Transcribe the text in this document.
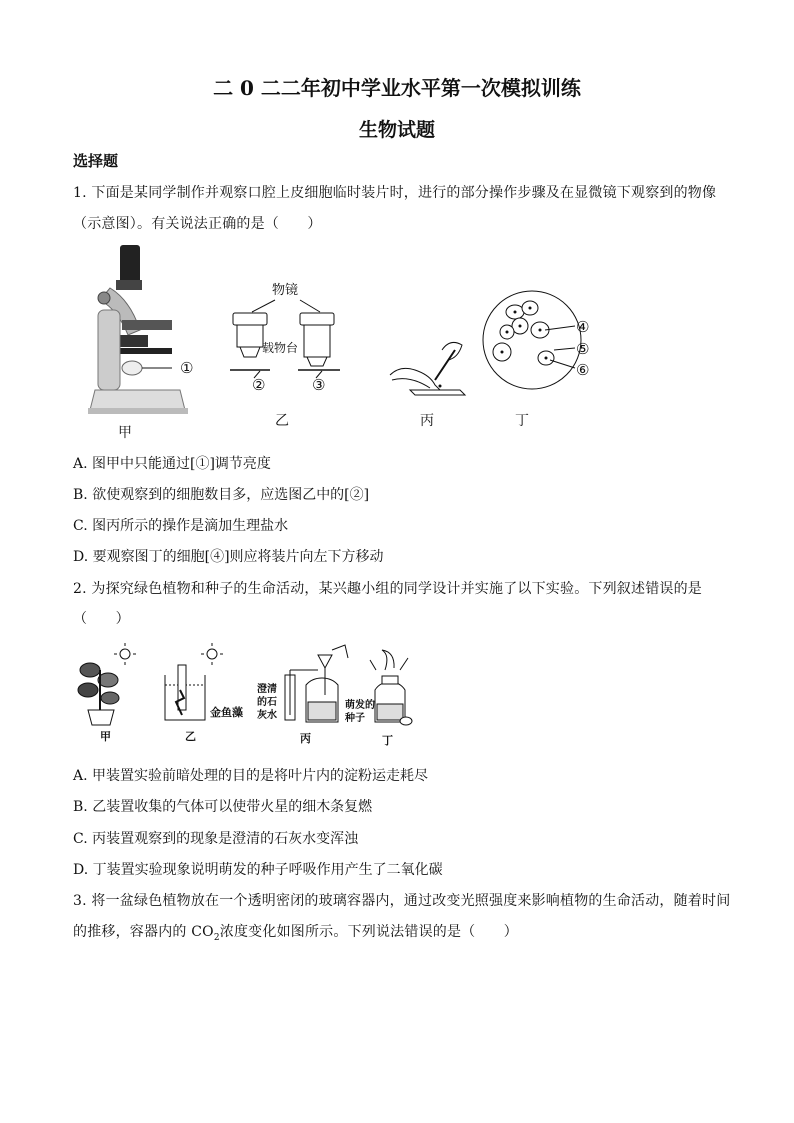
二 0 二二年初中学业水平第一次模拟训练
生物试题
选择题
1. 下面是某同学制作并观察口腔上皮细胞临时装片时，进行的部分操作步骤及在显微镜下观察到的物像
（示意图）。有关说法正确的是（　　）
①
甲
物镜
载物台
②	③
乙	丙
④
⑤
⑥
丁
A. 图甲中只能通过[①]调节亮度
B. 欲使观察到的细胞数目多，应选图乙中的[②]
C. 图丙所示的操作是滴加生理盐水
D. 要观察图丁的细胞[④]则应将装片向左下方移动
2. 为探究绿色植物和种子的生命活动，某兴趣小组的同学设计并实施了以下实验。下列叙述错误的是
（　　）
甲
金鱼藻
乙
澄清
的石
灰水
萌发的
种子
丙	丁
A. 甲装置实验前暗处理的目的是将叶片内的淀粉运走耗尽
B. 乙装置收集的气体可以使带火星的细木条复燃
C. 丙装置观察到的现象是澄清的石灰水变浑浊
D. 丁装置实验现象说明萌发的种子呼吸作用产生了二氧化碳
3. 将一盆绿色植物放在一个透明密闭的玻璃容器内，通过改变光照强度来影响植物的生命活动，随着时间
的推移，容器内的 $CO_2$浓度变化如图所示。下列说法错误的是（　　）
